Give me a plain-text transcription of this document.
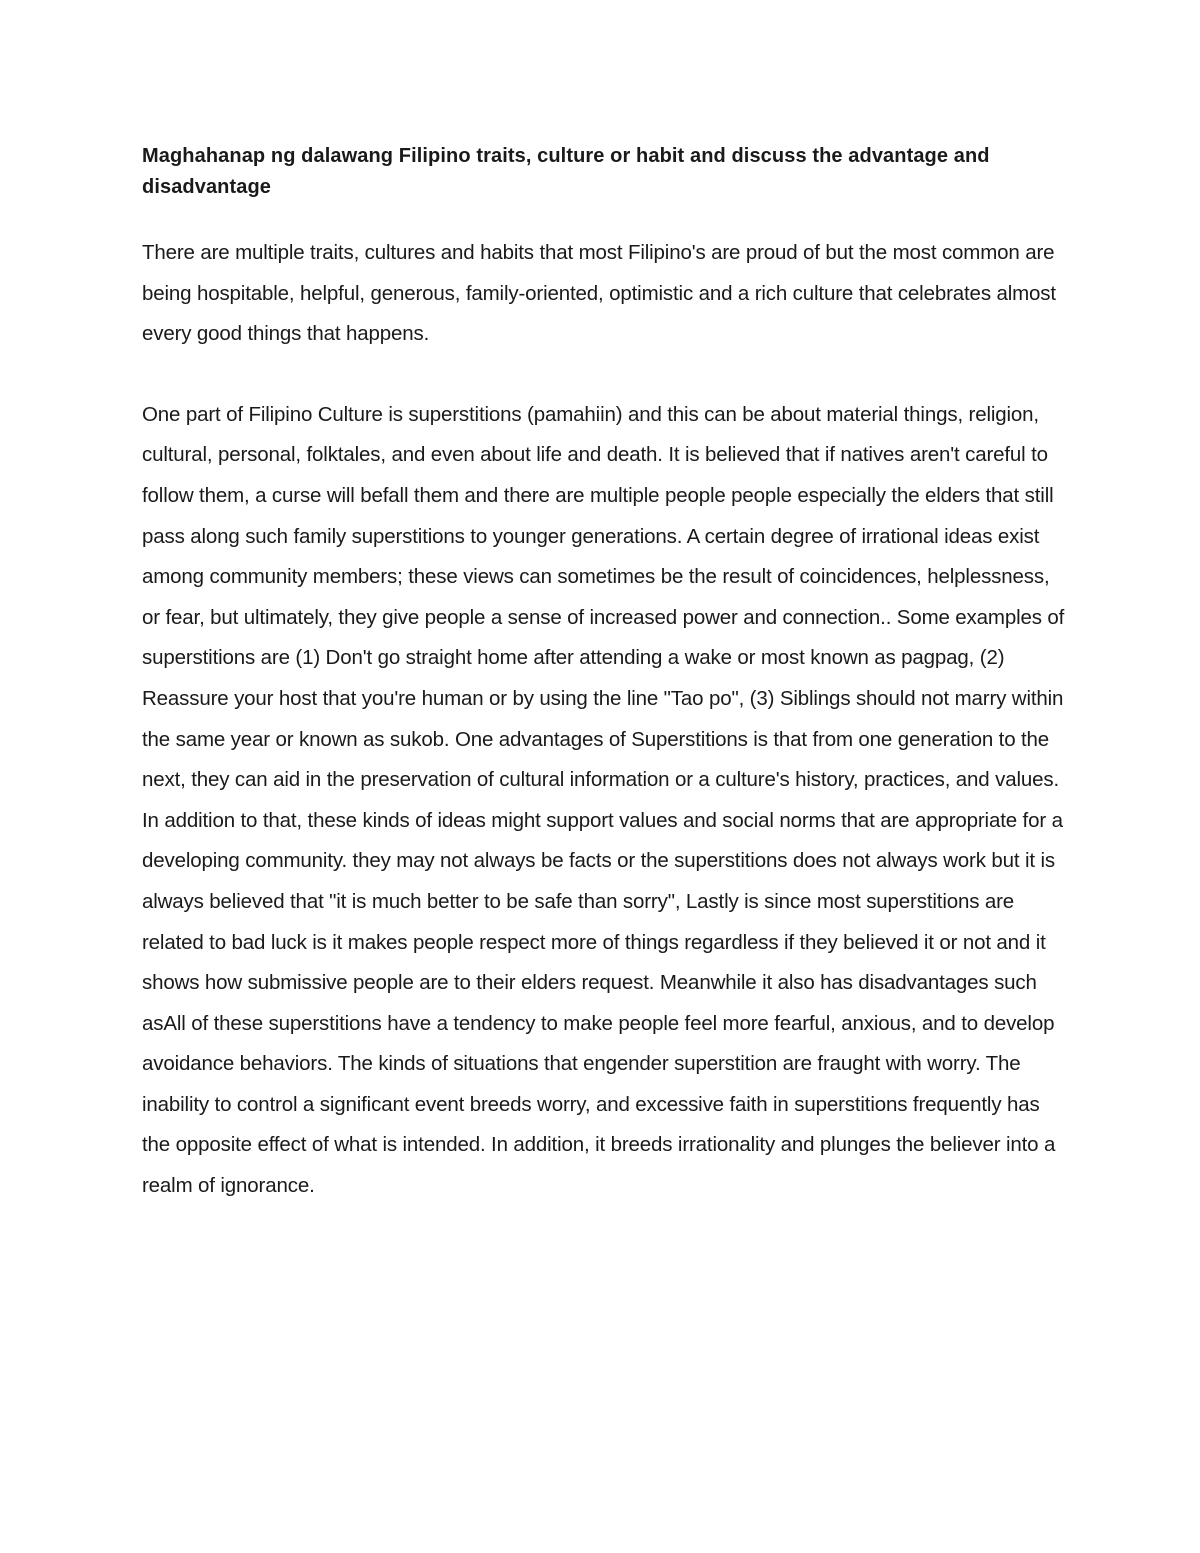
Maghahanap ng dalawang Filipino traits, culture or habit and discuss the advantage and disadvantage

There are multiple traits, cultures and habits that most Filipino's are proud of but the most common are being hospitable, helpful, generous, family-oriented, optimistic and a rich culture that celebrates almost every good things that happens.

One part of Filipino Culture is superstitions (pamahiin) and this can be about material things, religion, cultural, personal, folktales, and even about life and death. It is believed that if natives aren't careful to follow them, a curse will befall them and there are multiple people people especially the elders that still pass along such family superstitions to younger generations. A certain degree of irrational ideas exist among community members; these views can sometimes be the result of coincidences, helplessness, or fear, but ultimately, they give people a sense of increased power and connection.. Some examples of superstitions are (1) Don't go straight home after attending a wake or most known as pagpag, (2) Reassure your host that you're human or by using the line "Tao po", (3) Siblings should not marry within the same year or known as sukob. One advantages of Superstitions is that from one generation to the next, they can aid in the preservation of cultural information or a culture's history, practices, and values. In addition to that, these kinds of ideas might support values and social norms that are appropriate for a developing community. they may not always be facts or the superstitions does not always work but it is always believed that "it is much better to be safe than sorry", Lastly is since most superstitions are related to bad luck is it makes people respect more of things regardless if they believed it or not and it shows how submissive people are to their elders request. Meanwhile it also has disadvantages such asAll of these superstitions have a tendency to make people feel more fearful, anxious, and to develop avoidance behaviors. The kinds of situations that engender superstition are fraught with worry. The inability to control a significant event breeds worry, and excessive faith in superstitions frequently has the opposite effect of what is intended. In addition, it breeds irrationality and plunges the believer into a realm of ignorance.
